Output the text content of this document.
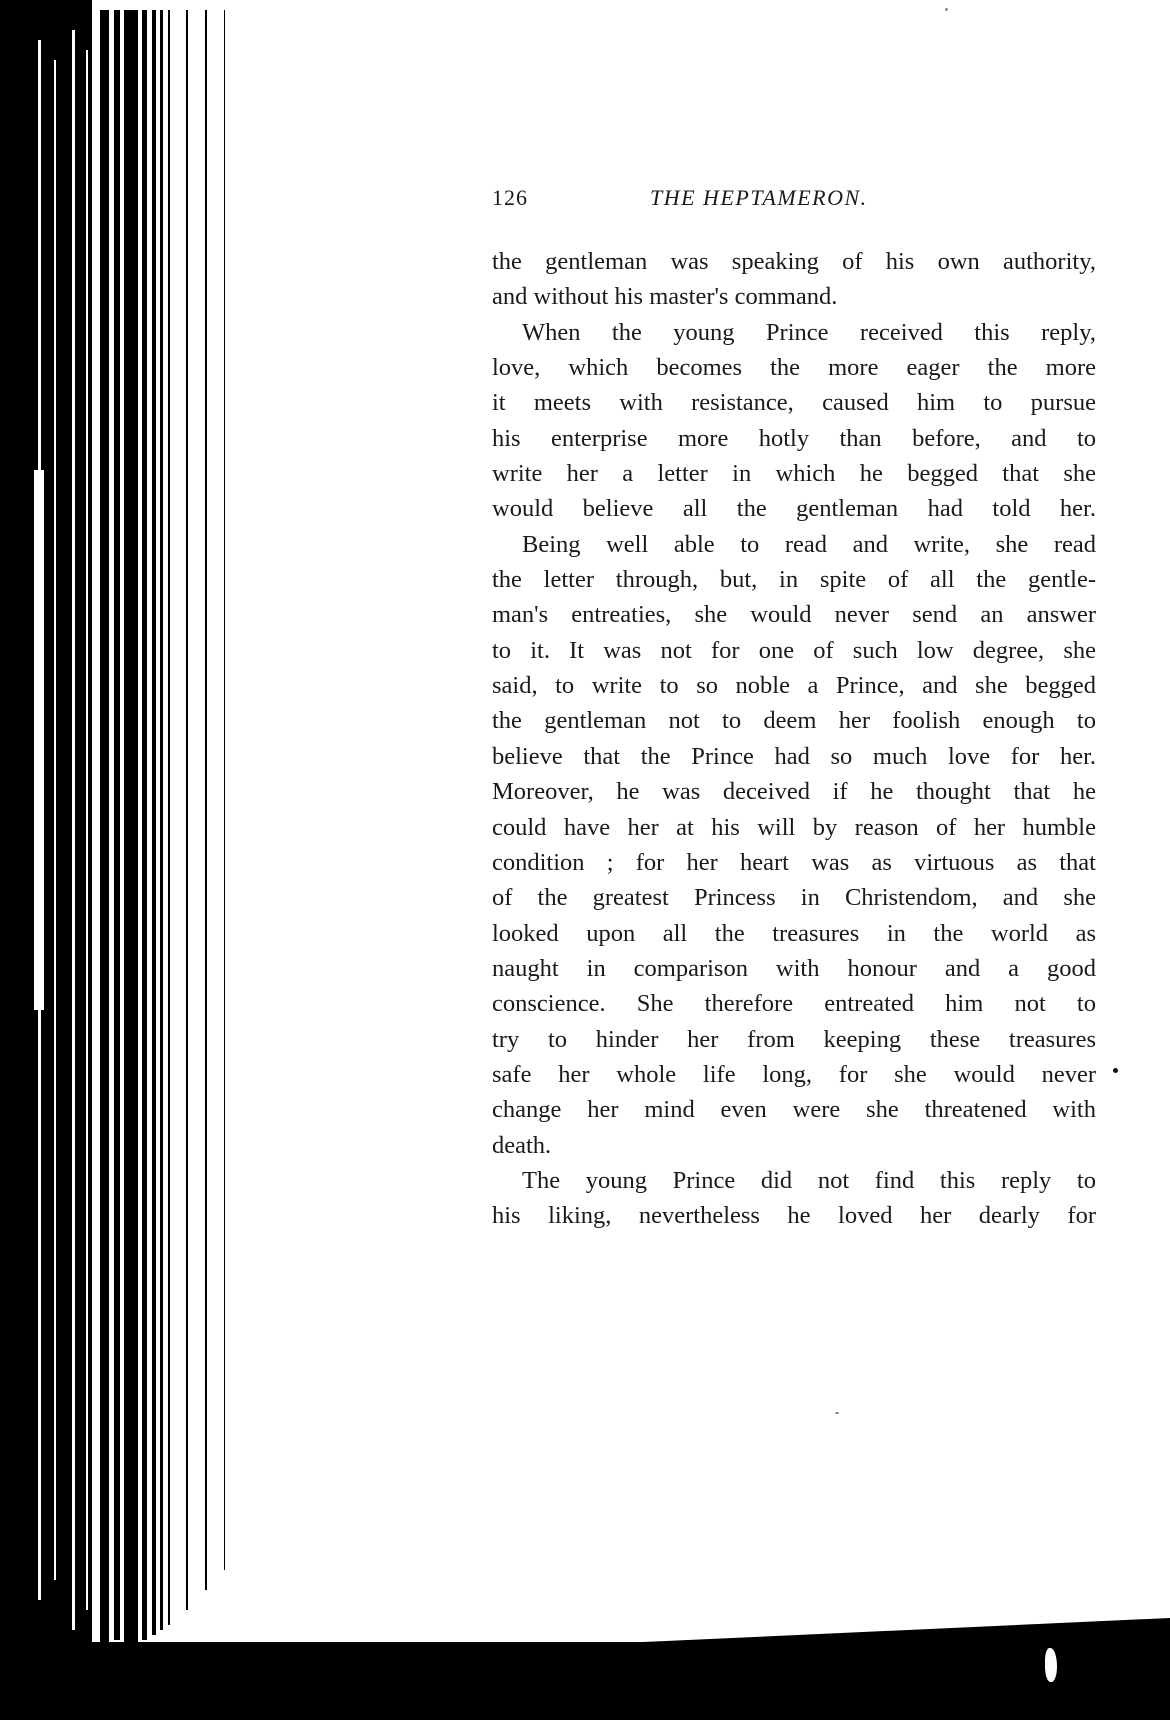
126	THE HEPTAMERON.
the gentleman was speaking of his own authority,
and without his master's command.
When the young Prince received this reply,
love, which becomes the more eager the more
it meets with resistance, caused him to pursue
his enterprise more hotly than before, and to
write her a letter in which he begged that she
would believe all the gentleman had told her.
Being well able to read and write, she read
the letter through, but, in spite of all the gentle-
man's entreaties, she would never send an answer
to it. It was not for one of such low degree, she
said, to write to so noble a Prince, and she begged
the gentleman not to deem her foolish enough to
believe that the Prince had so much love for her.
Moreover, he was deceived if he thought that he
could have her at his will by reason of her humble
condition ; for her heart was as virtuous as that
of the greatest Princess in Christendom, and she
looked upon all the treasures in the world as
naught in comparison with honour and a good
conscience. She therefore entreated him not to
try to hinder her from keeping these treasures
safe her whole life long, for she would never
change her mind even were she threatened with
death.
The young Prince did not find this reply to
his liking, nevertheless he loved her dearly for
